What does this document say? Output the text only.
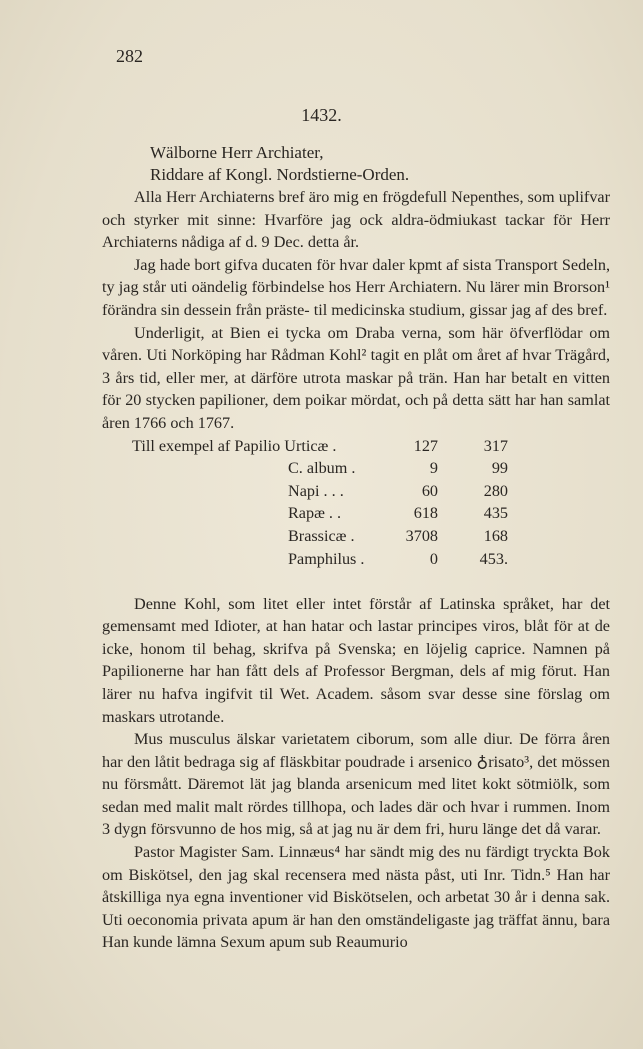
282
1432.
Wälborne Herr Archiater,
Riddare af Kongl. Nordstierne-Orden.

Alla Herr Archiaterns bref äro mig en frögdefull Nepenthes, som uplifvar och styrker mit sinne: Hvarföre jag ock aldra-ödmiukast tackar för Herr Archiaterns nådiga af d. 9 Dec. detta år.

Jag hade bort gifva ducaten för hvar daler kpmt af sista Transport Sedeln, ty jag står uti oändelig förbindelse hos Herr Archiatern. Nu lärer min Brorson¹ förändra sin dessein från präste- til medicinska studium, gissar jag af des bref.

Underligit, at Bien ei tycka om Draba verna, som här öfverflödar om våren. Uti Norköping har Rådman Kohl² tagit en plåt om året af hvar Trägård, 3 års tid, eller mer, at därföre utrota maskar på trän. Han har betalt en vitten för 20 stycken papilioner, dem poikar mördat, och på detta sätt har han samlat åren 1766 och 1767.

Till exempel af Papilio Urticæ .	127	317
C. album .	9	99
Napi . . .	60	280
Rapæ . .	618	435
Brassicæ .	3708	168
Pamphilus .	0	453.

Denne Kohl, som litet eller intet förstår af Latinska språket, har det gemensamt med Idioter, at han hatar och lastar principes viros, blåt för at de icke, honom til behag, skrifva på Svenska; en löjelig caprice. Namnen på Papilionerne har han fått dels af Professor Bergman, dels af mig förut. Han lärer nu hafva ingifvit til Wet. Academ. såsom svar desse sine förslag om maskars utrotande.

Mus musculus älskar varietatem ciborum, som alle diur. De förra åren har den låtit bedraga sig af fläskbitar poudrade i arsenico ♁risato³, det mössen nu försmått. Däremot lät jag blanda arsenicum med litet kokt sötmiölk, som sedan med malit malt rördes tillhopa, och lades där och hvar i rummen. Inom 3 dygn försvunno de hos mig, så at jag nu är dem fri, huru länge det då varar.

Pastor Magister Sam. Linnæus⁴ har sändt mig des nu färdigt tryckta Bok om Biskötsel, den jag skal recensera med nästa påst, uti Inr. Tidn.⁵ Han har åtskilliga nya egna inventioner vid Biskötselen, och arbetat 30 år i denna sak. Uti oeconomia privata apum är han den omständeligaste jag träffat ännu, bara Han kunde lämna Sexum apum sub Reaumurio
